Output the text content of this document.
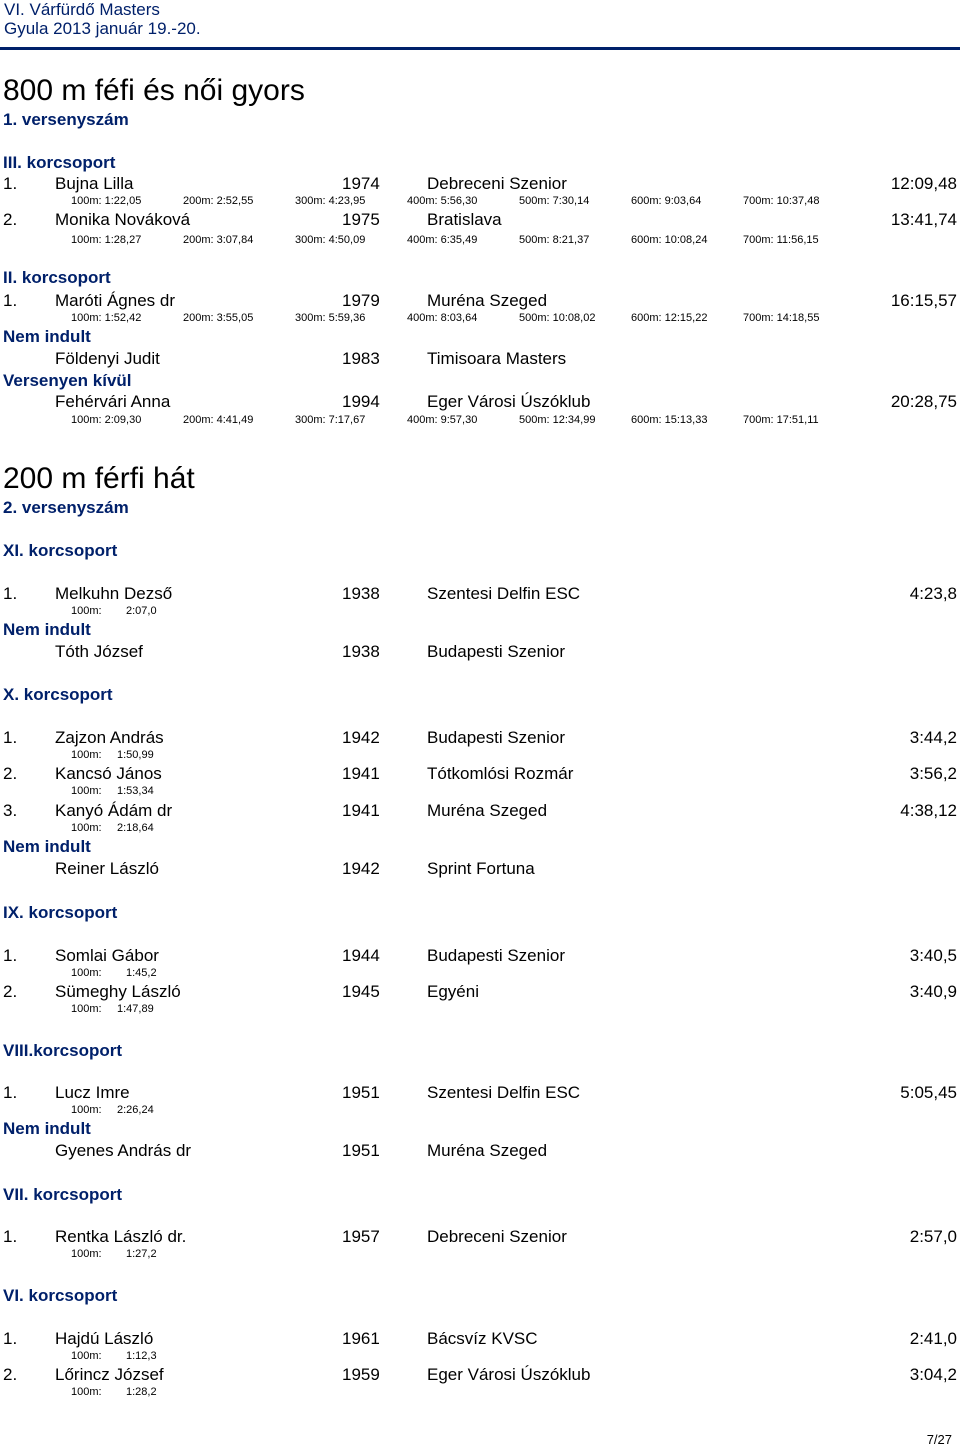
VI. Várfürdő Masters
Gyula 2013 január 19.-20.
800 m féfi és női gyors
1. versenyszám
III. korcsoport
1. Bujna Lilla	1974	Debreceni Szenior	12:09,48
100m: 1:22,05	200m: 2:52,55	300m: 4:23,95	400m: 5:56,30	500m: 7:30,14	600m: 9:03,64	700m: 10:37,48
2. Monika Nováková	1975	Bratislava	13:41,74
100m: 1:28,27	200m: 3:07,84	300m: 4:50,09	400m: 6:35,49	500m: 8:21,37	600m: 10:08,24	700m: 11:56,15
II. korcsoport
1. Maróti Ágnes dr	1979	Muréna Szeged	16:15,57
100m: 1:52,42	200m: 3:55,05	300m: 5:59,36	400m: 8:03,64	500m: 10:08,02	600m: 12:15,22	700m: 14:18,55
Nem indult
Földenyi Judit	1983	Timisoara Masters
Versenyen kívül
Fehérvári Anna	1994	Eger Városi Úszóklub	20:28,75
100m: 2:09,30	200m: 4:41,49	300m: 7:17,67	400m: 9:57,30	500m: 12:34,99	600m: 15:13,33	700m: 17:51,11
200 m férfi hát
2. versenyszám
XI. korcsoport
1. Melkuhn Dezső	1938	Szentesi Delfin ESC	4:23,8
100m: 2:07,0
Nem indult
Tóth József	1938	Budapesti Szenior
X. korcsoport
1. Zajzon András	1942	Budapesti Szenior	3:44,2
100m: 1:50,99
2. Kancsó János	1941	Tótkomlósi Rozmár	3:56,2
100m: 1:53,34
3. Kanyó Ádám dr	1941	Muréna Szeged	4:38,12
100m: 2:18,64
Nem indult
Reiner László	1942	Sprint Fortuna
IX. korcsoport
1. Somlai Gábor	1944	Budapesti Szenior	3:40,5
100m: 1:45,2
2. Sümeghy László	1945	Egyéni	3:40,9
100m: 1:47,89
VIII.korcsoport
1. Lucz Imre	1951	Szentesi Delfin ESC	5:05,45
100m: 2:26,24
Nem indult
Gyenes András dr	1951	Muréna Szeged
VII. korcsoport
1. Rentka László dr.	1957	Debreceni Szenior	2:57,0
100m: 1:27,2
VI. korcsoport
1. Hajdú László	1961	Bácsvíz KVSC	2:41,0
100m: 1:12,3
2. Lőrincz József	1959	Eger Városi Úszóklub	3:04,2
100m: 1:28,2
7/27
